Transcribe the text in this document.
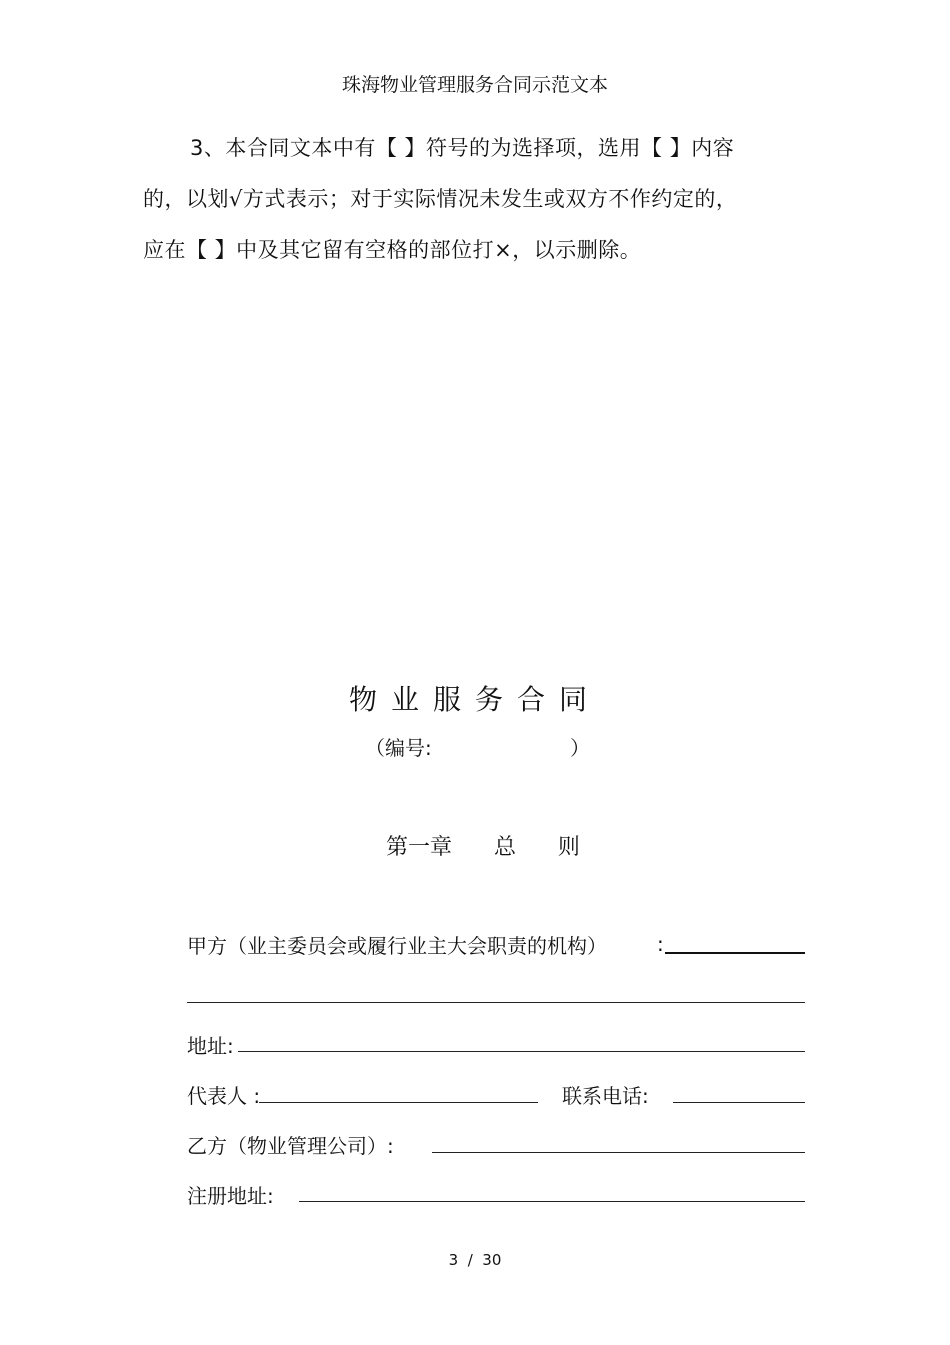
珠海物业管理服务合同示范文本
3、本合同文本中有【 】符号的为选择项，选用【 】内容
的，以划√方式表示；对于实际情况未发生或双方不作约定的，
应在【 】中及其它留有空格的部位打×，以示删除。
物业服务合同
（编号:	）
第一章      总      则
甲方（业主委员会或履行业主大会职责的机构）	:
地址:
代表人 :	联系电话:
乙方（物业管理公司）:
注册地址:
3  /  30
